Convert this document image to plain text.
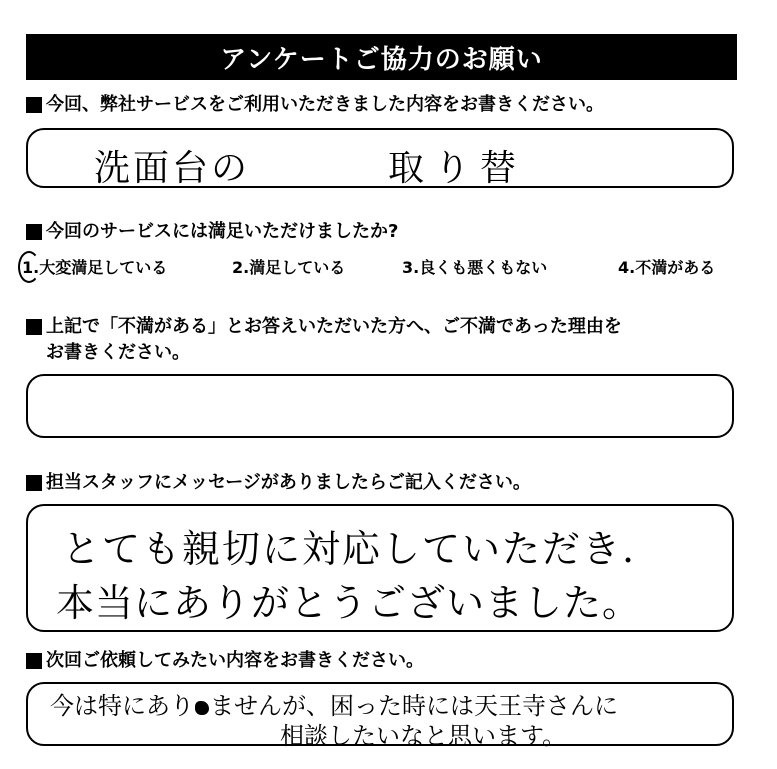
アンケートご協力のお願い
今回、弊社サービスをご利用いただきました内容をお書きください。
洗面台の	取り替
今回のサービスには満足いただけましたか?
1.大変満足している	2.満足している	3.良くも悪くもない	4.不満がある
上記で「不満がある」とお答えいただいた方へ、ご不満であった理由を
お書きください。
担当スタッフにメッセージがありましたらご記入ください。
とても親切に対応していただき.
本当にありがとうございました。
次回ご依頼してみたい内容をお書きください。
今は特にあり ませんが、困った時には天王寺さんに
相談したいなと思います。
